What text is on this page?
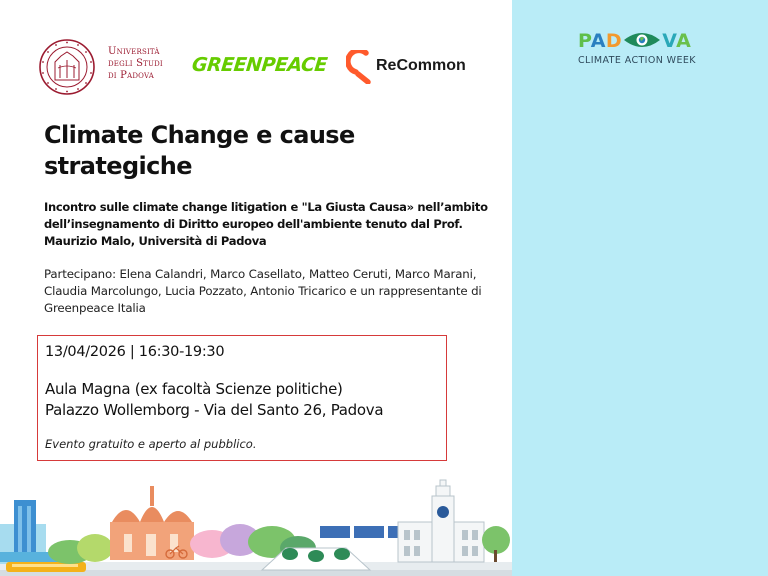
Università
degli Studi
di Padova	GREENPEACE	ReCommon
Climate Change e cause strategiche
Incontro sulle climate change litigation e "La Giusta Causa» nell’ambito dell’insegnamento di Diritto europeo dell'ambiente tenuto dal Prof. Maurizio Malo, Università di Padova
Partecipano: Elena Calandri, Marco Casellato, Matteo Ceruti, Marco Marani, Claudia Marcolungo, Lucia Pozzato, Antonio Tricarico e un rappresentante di Greenpeace Italia
13/04/2026 | 16:30-19:30
Aula Magna (ex facoltà Scienze politiche)
Palazzo Wollemborg - Via del Santo 26, Padova
Evento gratuito e aperto al pubblico.
PAD VA
CLIMATE ACTION WEEK
